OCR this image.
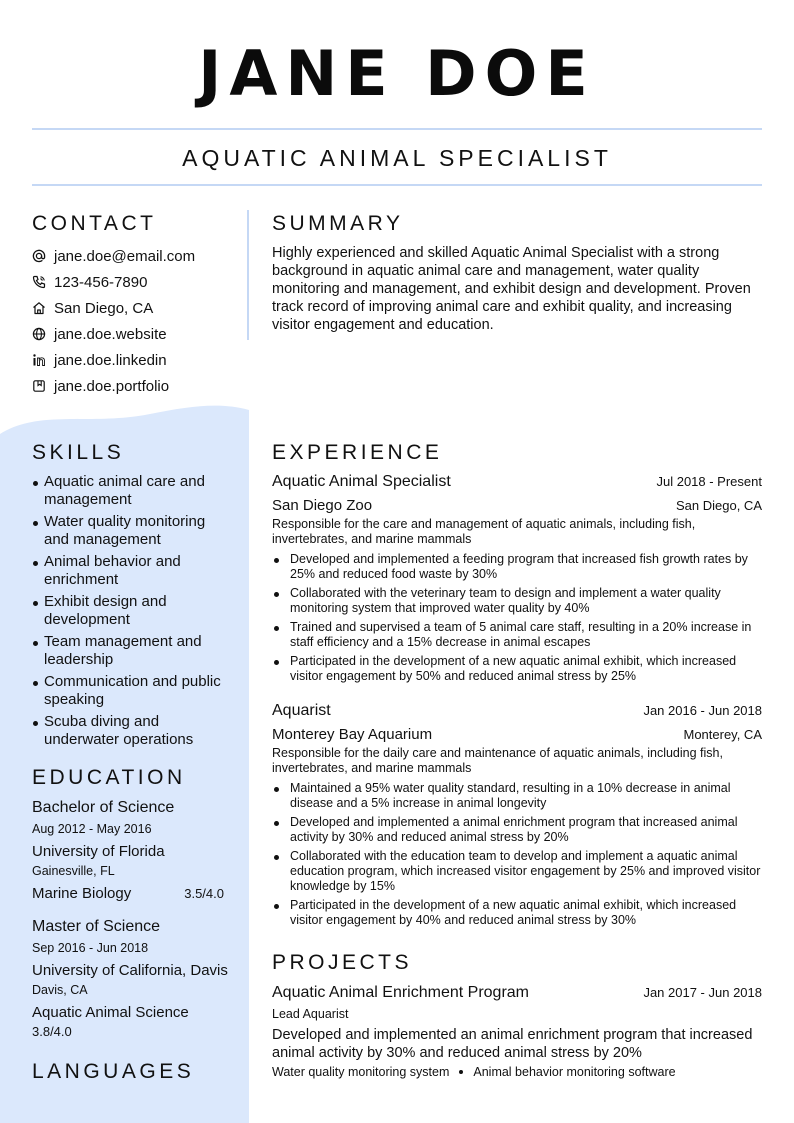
JANE DOE
AQUATIC ANIMAL SPECIALIST
CONTACT
jane.doe@email.com
123-456-7890
San Diego, CA
jane.doe.website
jane.doe.linkedin
jane.doe.portfolio
SKILLS
Aquatic animal care and management
Water quality monitoring and management
Animal behavior and enrichment
Exhibit design and development
Team management and leadership
Communication and public speaking
Scuba diving and underwater operations
EDUCATION
Bachelor of Science
Aug 2012 - May 2016
University of Florida
Gainesville, FL
Marine Biology	3.5/4.0
Master of Science
Sep 2016 - Jun 2018
University of California, Davis
Davis, CA
Aquatic Animal Science
3.8/4.0
LANGUAGES
SUMMARY

Highly experienced and skilled Aquatic Animal Specialist with a strong background in aquatic animal care and management, water quality monitoring and management, and exhibit design and development. Proven track record of improving animal care and exhibit quality, and increasing visitor engagement and education.

EXPERIENCE
Aquatic Animal Specialist	Jul 2018 - Present
San Diego Zoo	San Diego, CA

Responsible for the care and management of aquatic animals, including fish, invertebrates, and marine mammals

Developed and implemented a feeding program that increased fish growth rates by 25% and reduced food waste by 30%
Collaborated with the veterinary team to design and implement a water quality monitoring system that improved water quality by 40%
Trained and supervised a team of 5 animal care staff, resulting in a 20% increase in staff efficiency and a 15% decrease in animal escapes
Participated in the development of a new aquatic animal exhibit, which increased visitor engagement by 50% and reduced animal stress by 25%
Aquarist	Jan 2016 - Jun 2018
Monterey Bay Aquarium	Monterey, CA

Responsible for the daily care and maintenance of aquatic animals, including fish, invertebrates, and marine mammals

Maintained a 95% water quality standard, resulting in a 10% decrease in animal disease and a 5% increase in animal longevity
Developed and implemented a animal enrichment program that increased animal activity by 30% and reduced animal stress by 20%
Collaborated with the education team to develop and implement a aquatic animal education program, which increased visitor engagement by 25% and improved visitor knowledge by 15%
Participated in the development of a new aquatic animal exhibit, which increased visitor engagement by 40% and reduced animal stress by 30%
PROJECTS
Aquatic Animal Enrichment Program	Jan 2017 - Jun 2018
Lead Aquarist

Developed and implemented an animal enrichment program that increased animal activity by 30% and reduced animal stress by 20%

Water quality monitoring system Animal behavior monitoring software
